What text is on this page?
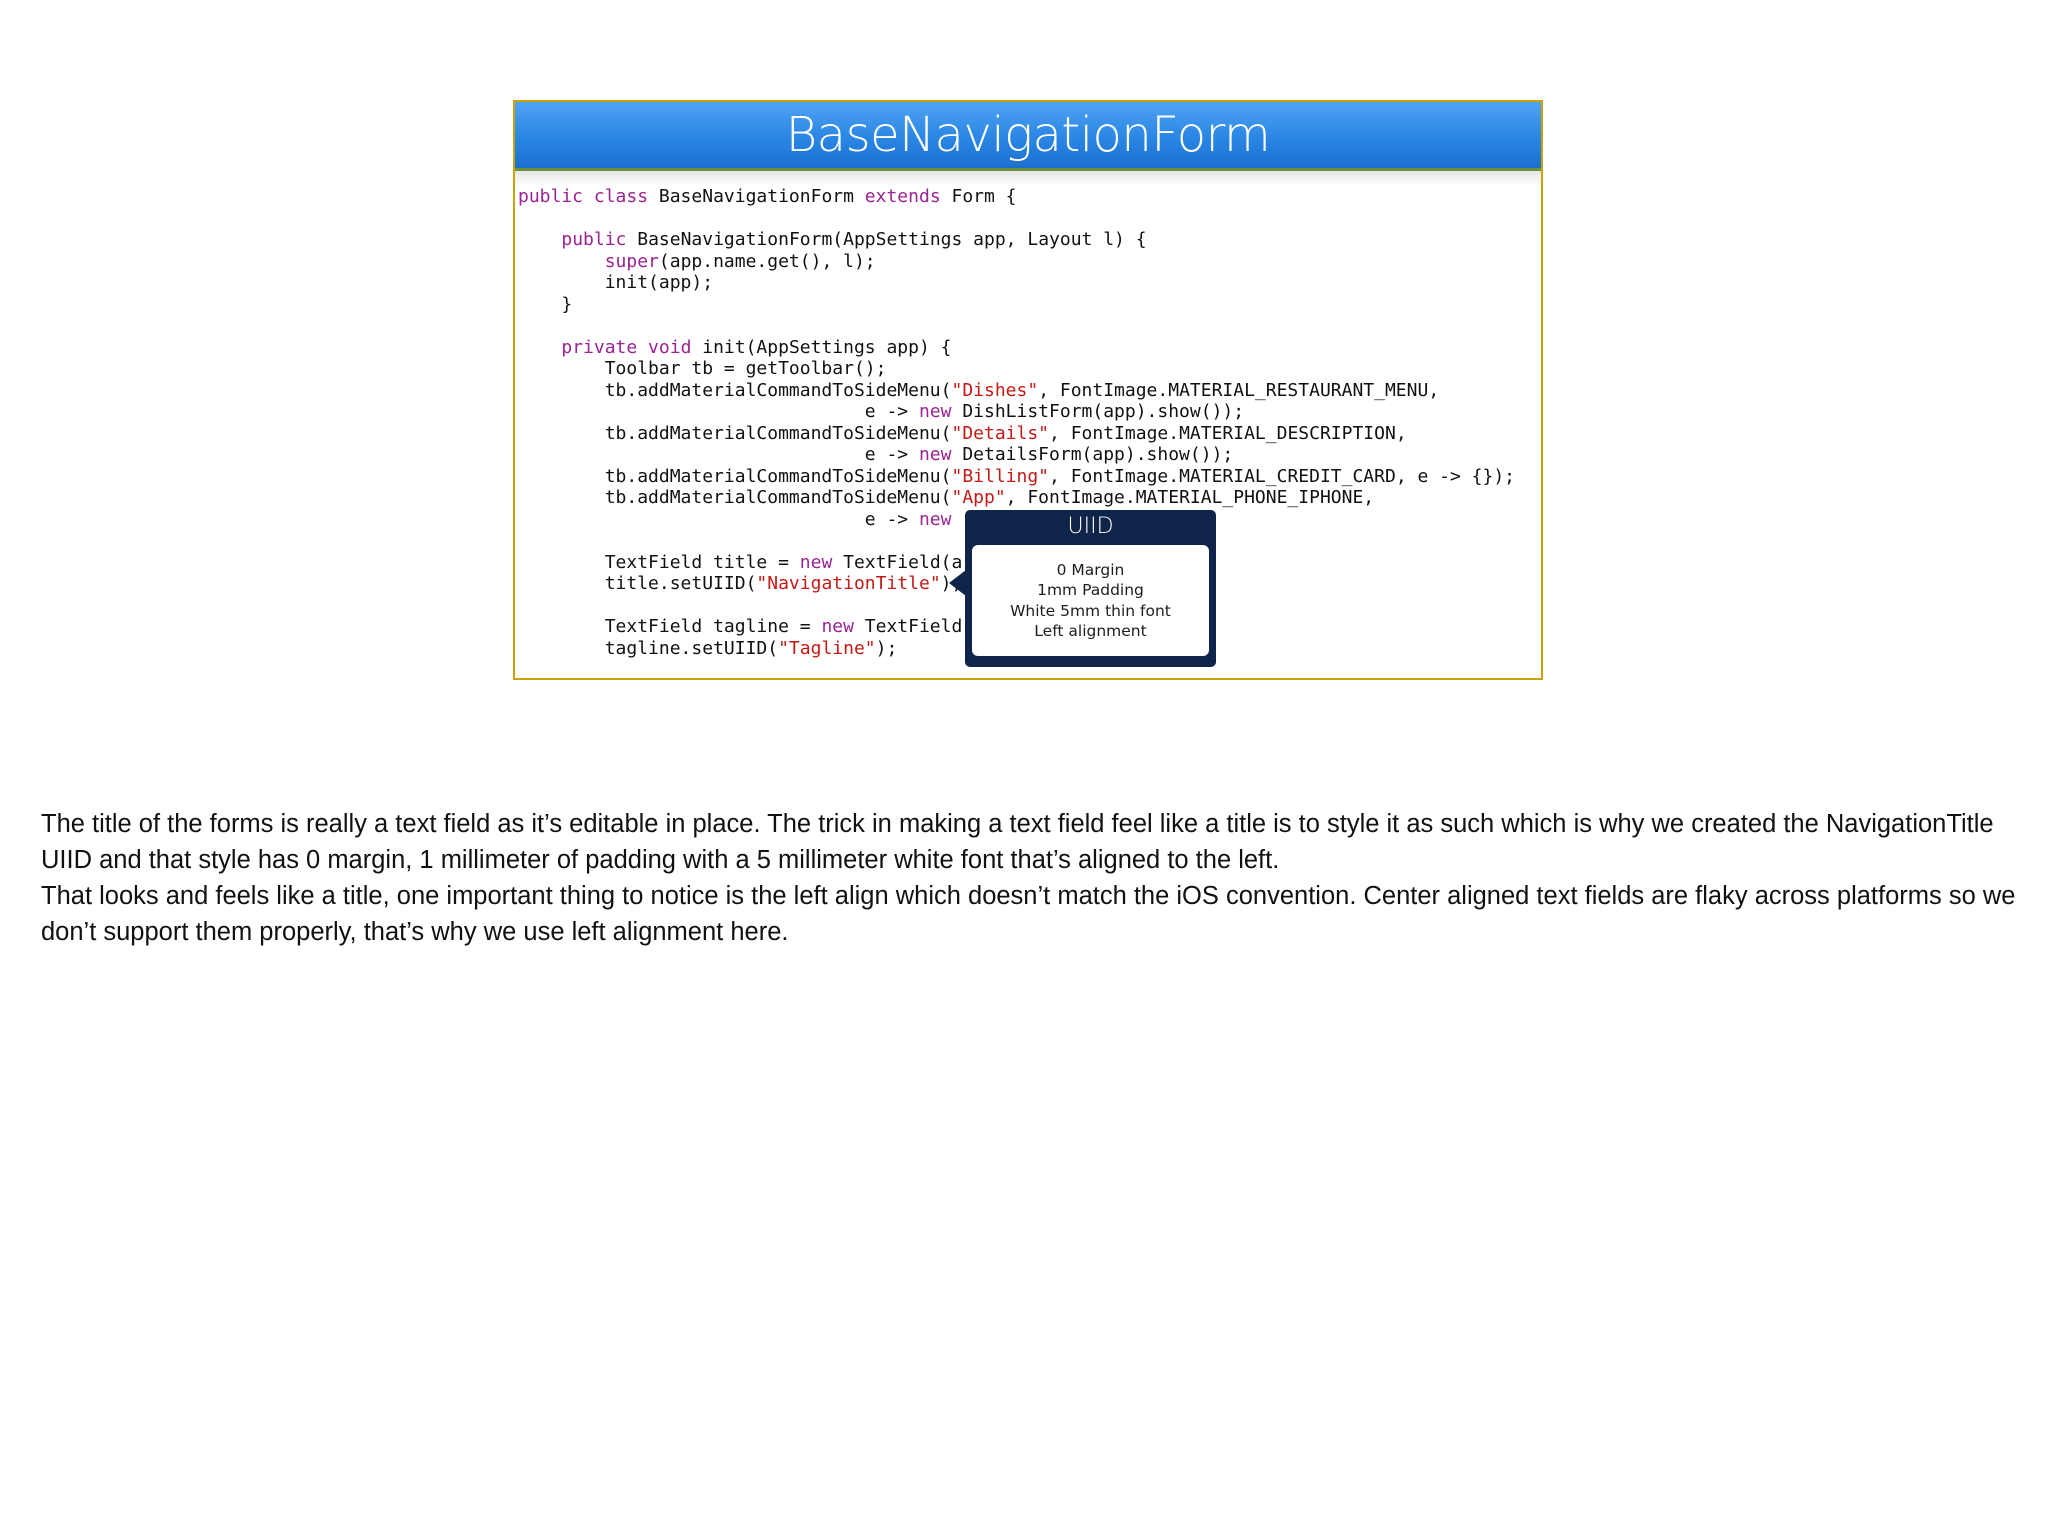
BaseNavigationForm
public class BaseNavigationForm extends Form {

public BaseNavigationForm(AppSettings app, Layout l) {
super(app.name.get(), l);
init(app);
}

private void init(AppSettings app) {
Toolbar tb = getToolbar();
tb.addMaterialCommandToSideMenu("Dishes", FontImage.MATERIAL_RESTAURANT_MENU,
e -> new DishListForm(app).show());
tb.addMaterialCommandToSideMenu("Details", FontImage.MATERIAL_DESCRIPTION,
e -> new DetailsForm(app).show());
tb.addMaterialCommandToSideMenu("Billing", FontImage.MATERIAL_CREDIT_CARD, e -> {});
tb.addMaterialCommandToSideMenu("App", FontImage.MATERIAL_PHONE_IPHONE,
e -> new

TextField title = new TextField(a
title.setUIID("NavigationTitle");

TextField tagline = new TextField
tagline.setUIID("Tagline");
UIID
0 Margin
1mm Padding
White 5mm thin font
Left alignment

The title of the forms is really a text field as it’s editable in place. The trick in making a text field feel like a title is to style it as such which is why we created the NavigationTitle UIID and that style has 0 margin, 1 millimeter of padding with a 5 millimeter white font that’s aligned to the left.

That looks and feels like a title, one important thing to notice is the left align which doesn’t match the iOS convention. Center aligned text fields are flaky across platforms so we don’t support them properly, that’s why we use left alignment here.
